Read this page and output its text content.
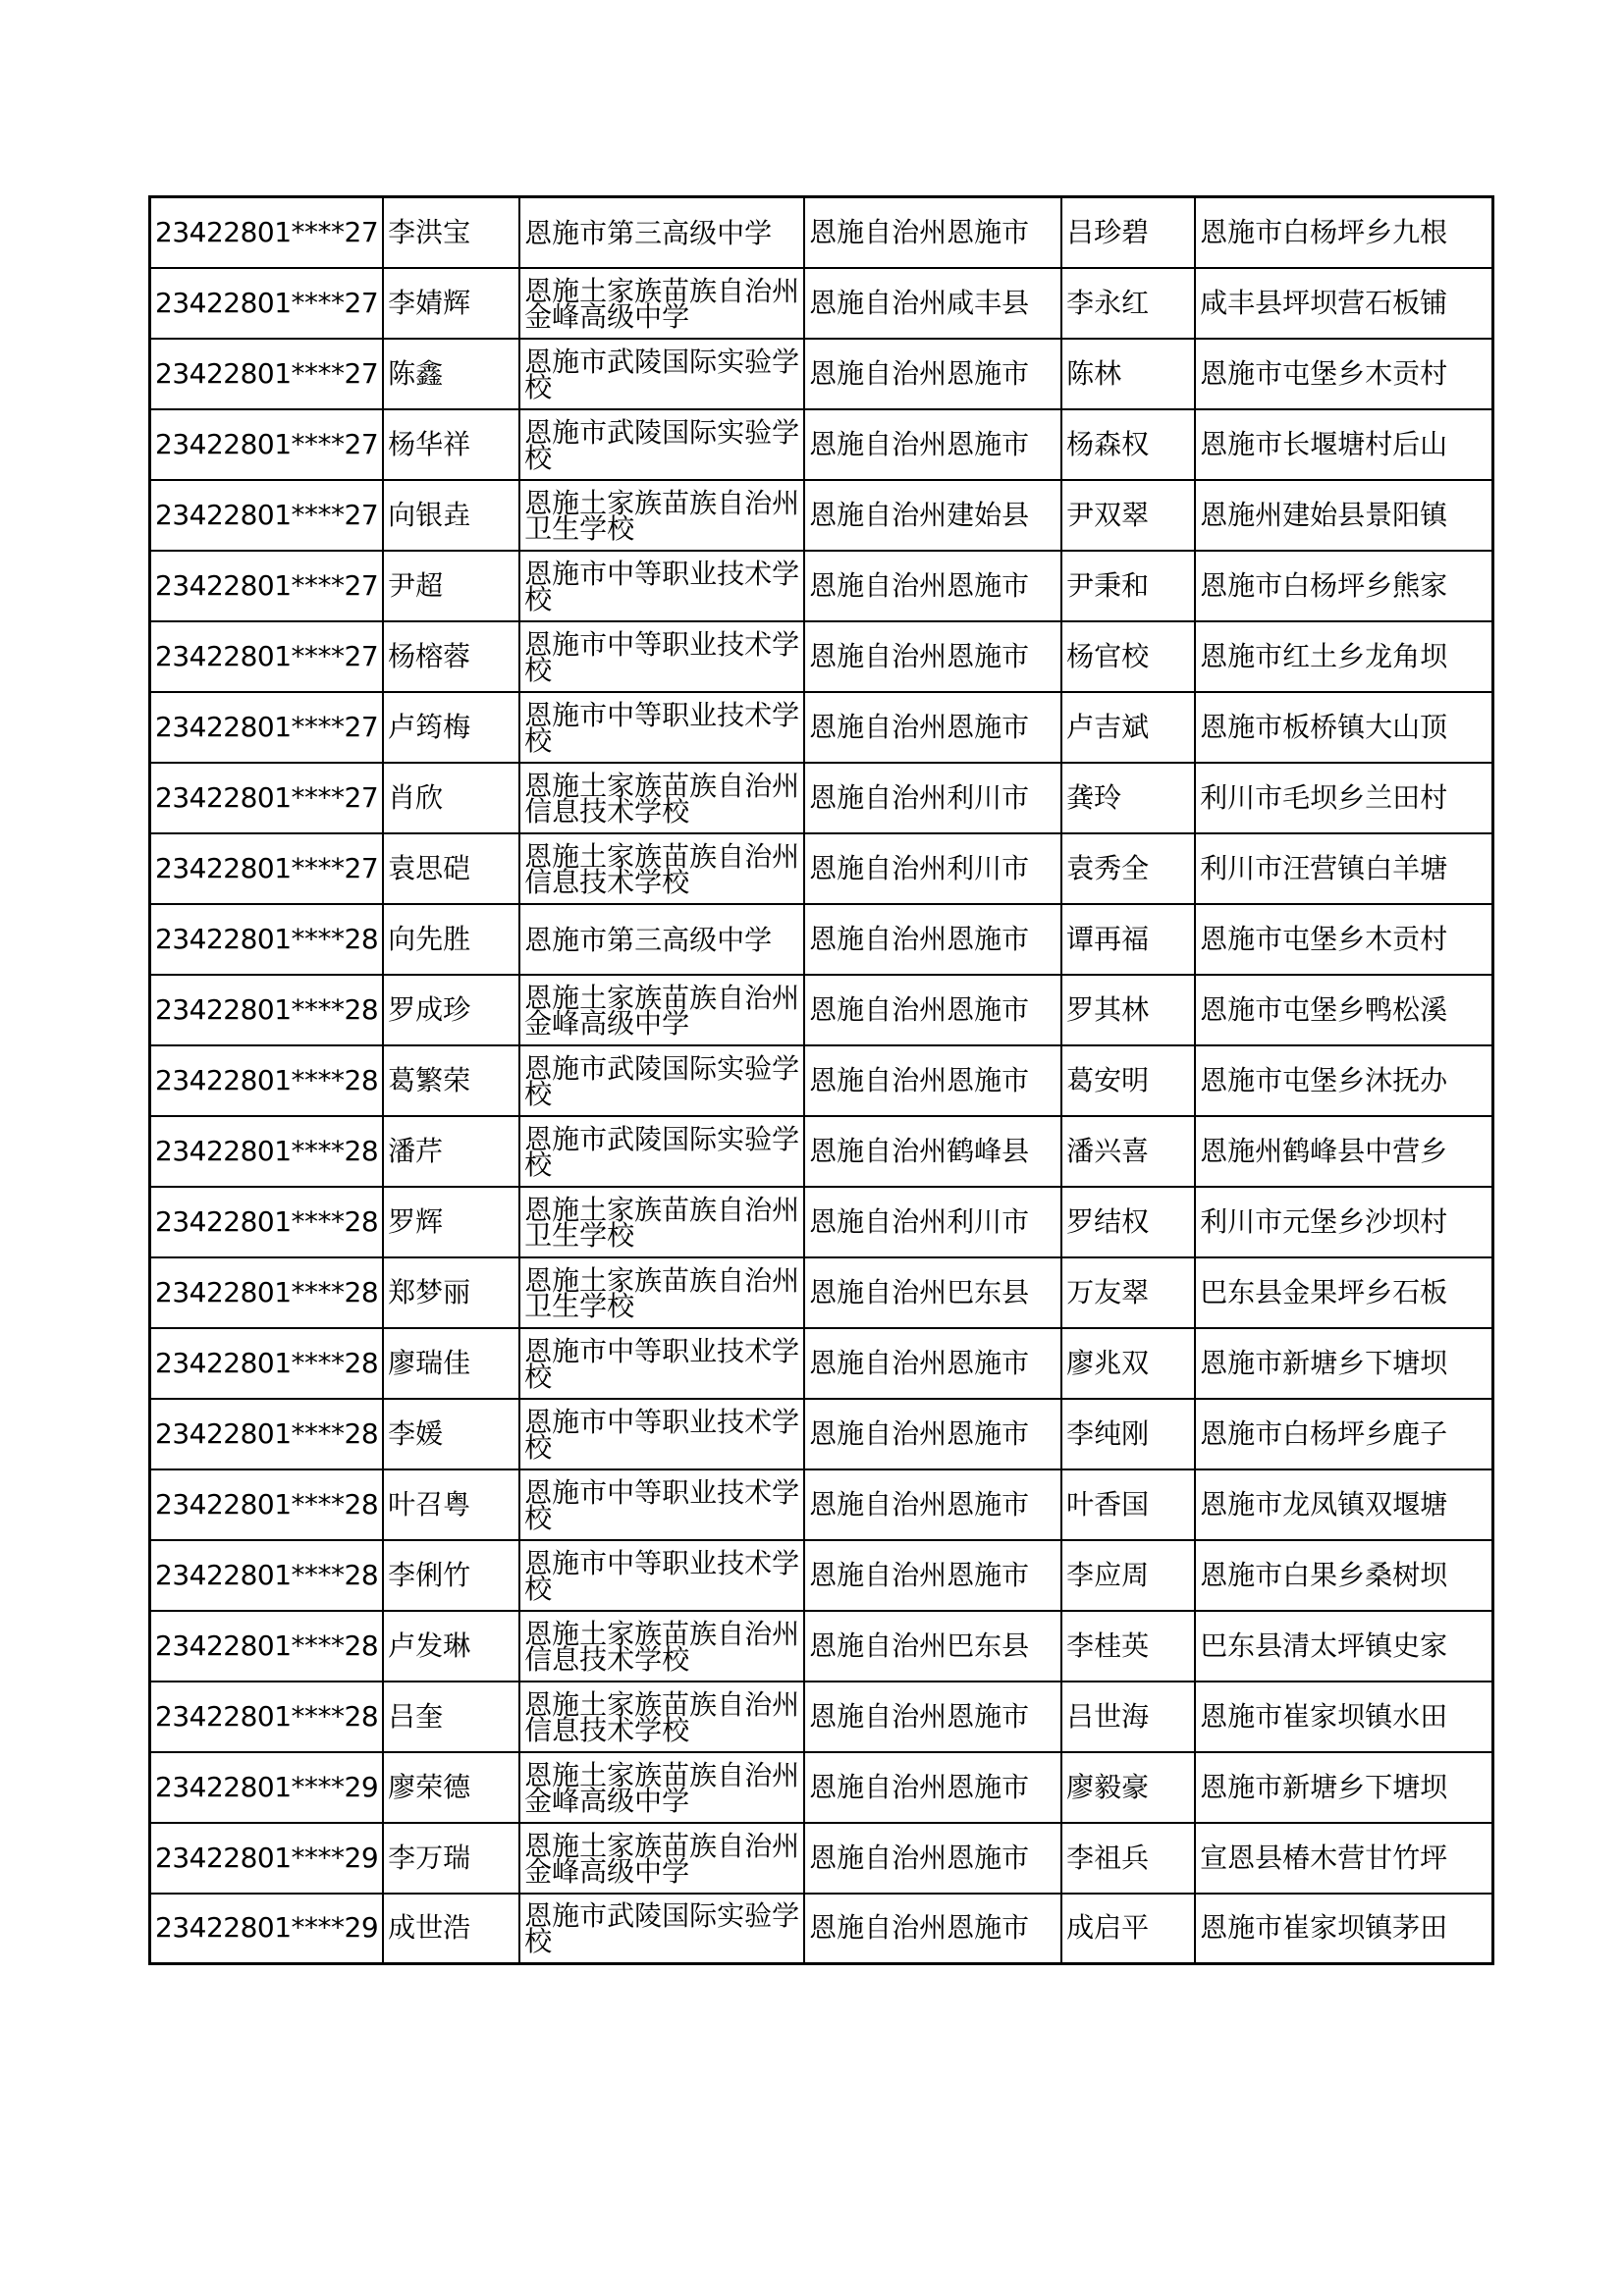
23422801****27	李洪宝	恩施市第三高级中学	恩施自治州恩施市	吕珍碧	恩施市白杨坪乡九根
23422801****27	李婧辉	恩施土家族苗族自治州金峰高级中学	恩施自治州咸丰县	李永红	咸丰县坪坝营石板铺
23422801****27	陈鑫	恩施市武陵国际实验学校	恩施自治州恩施市	陈林	恩施市屯堡乡木贡村
23422801****27	杨华祥	恩施市武陵国际实验学校	恩施自治州恩施市	杨森权	恩施市长堰塘村后山
23422801****27	向银垚	恩施土家族苗族自治州卫生学校	恩施自治州建始县	尹双翠	恩施州建始县景阳镇
23422801****27	尹超	恩施市中等职业技术学校	恩施自治州恩施市	尹秉和	恩施市白杨坪乡熊家
23422801****27	杨榕蓉	恩施市中等职业技术学校	恩施自治州恩施市	杨官校	恩施市红土乡龙角坝
23422801****27	卢筠梅	恩施市中等职业技术学校	恩施自治州恩施市	卢吉斌	恩施市板桥镇大山顶
23422801****27	肖欣	恩施土家族苗族自治州信息技术学校	恩施自治州利川市	龚玲	利川市毛坝乡兰田村
23422801****27	袁思硙	恩施土家族苗族自治州信息技术学校	恩施自治州利川市	袁秀全	利川市汪营镇白羊塘
23422801****28	向先胜	恩施市第三高级中学	恩施自治州恩施市	谭再福	恩施市屯堡乡木贡村
23422801****28	罗成珍	恩施土家族苗族自治州金峰高级中学	恩施自治州恩施市	罗其林	恩施市屯堡乡鸭松溪
23422801****28	葛繁荣	恩施市武陵国际实验学校	恩施自治州恩施市	葛安明	恩施市屯堡乡沐抚办
23422801****28	潘芹	恩施市武陵国际实验学校	恩施自治州鹤峰县	潘兴喜	恩施州鹤峰县中营乡
23422801****28	罗辉	恩施土家族苗族自治州卫生学校	恩施自治州利川市	罗结权	利川市元堡乡沙坝村
23422801****28	郑梦丽	恩施土家族苗族自治州卫生学校	恩施自治州巴东县	万友翠	巴东县金果坪乡石板
23422801****28	廖瑞佳	恩施市中等职业技术学校	恩施自治州恩施市	廖兆双	恩施市新塘乡下塘坝
23422801****28	李媛	恩施市中等职业技术学校	恩施自治州恩施市	李纯刚	恩施市白杨坪乡鹿子
23422801****28	叶召粤	恩施市中等职业技术学校	恩施自治州恩施市	叶香国	恩施市龙凤镇双堰塘
23422801****28	李俐竹	恩施市中等职业技术学校	恩施自治州恩施市	李应周	恩施市白果乡桑树坝
23422801****28	卢发琳	恩施土家族苗族自治州信息技术学校	恩施自治州巴东县	李桂英	巴东县清太坪镇史家
23422801****28	吕奎	恩施土家族苗族自治州信息技术学校	恩施自治州恩施市	吕世海	恩施市崔家坝镇水田
23422801****29	廖荣德	恩施土家族苗族自治州金峰高级中学	恩施自治州恩施市	廖毅豪	恩施市新塘乡下塘坝
23422801****29	李万瑞	恩施土家族苗族自治州金峰高级中学	恩施自治州恩施市	李祖兵	宣恩县椿木营甘竹坪
23422801****29	成世浩	恩施市武陵国际实验学校	恩施自治州恩施市	成启平	恩施市崔家坝镇茅田
